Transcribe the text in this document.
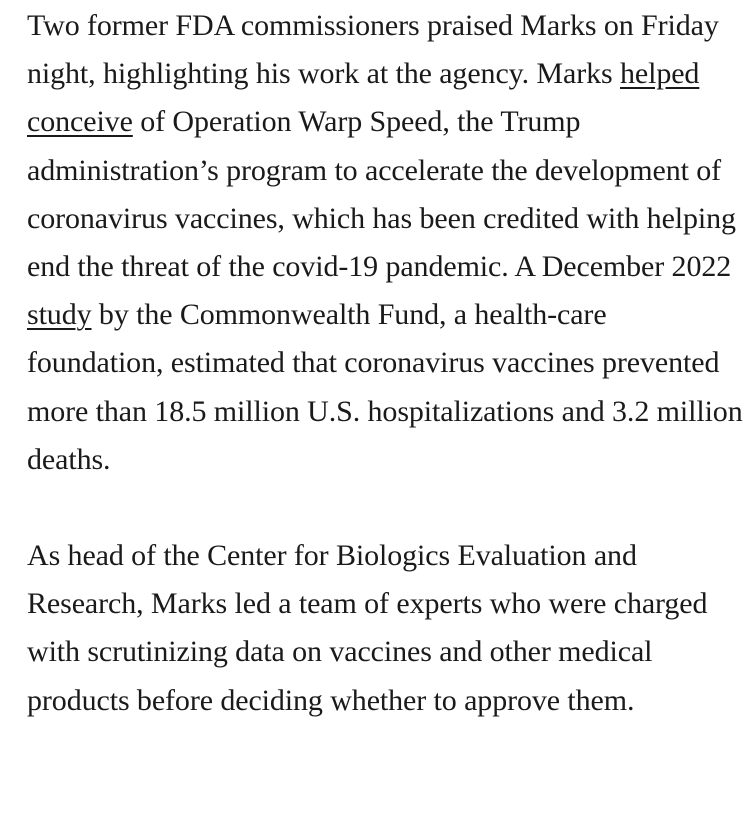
Two former FDA commissioners praised Marks on Friday night, highlighting his work at the agency. Marks helped conceive of Operation Warp Speed, the Trump administration’s program to accelerate the development of coronavirus vaccines, which has been credited with helping end the threat of the covid-19 pandemic. A December 2022 study by the Commonwealth Fund, a health-care foundation, estimated that coronavirus vaccines prevented more than 18.5 million U.S. hospitalizations and 3.2 million deaths.

As head of the Center for Biologics Evaluation and Research, Marks led a team of experts who were charged with scrutinizing data on vaccines and other medical products before deciding whether to approve them.
